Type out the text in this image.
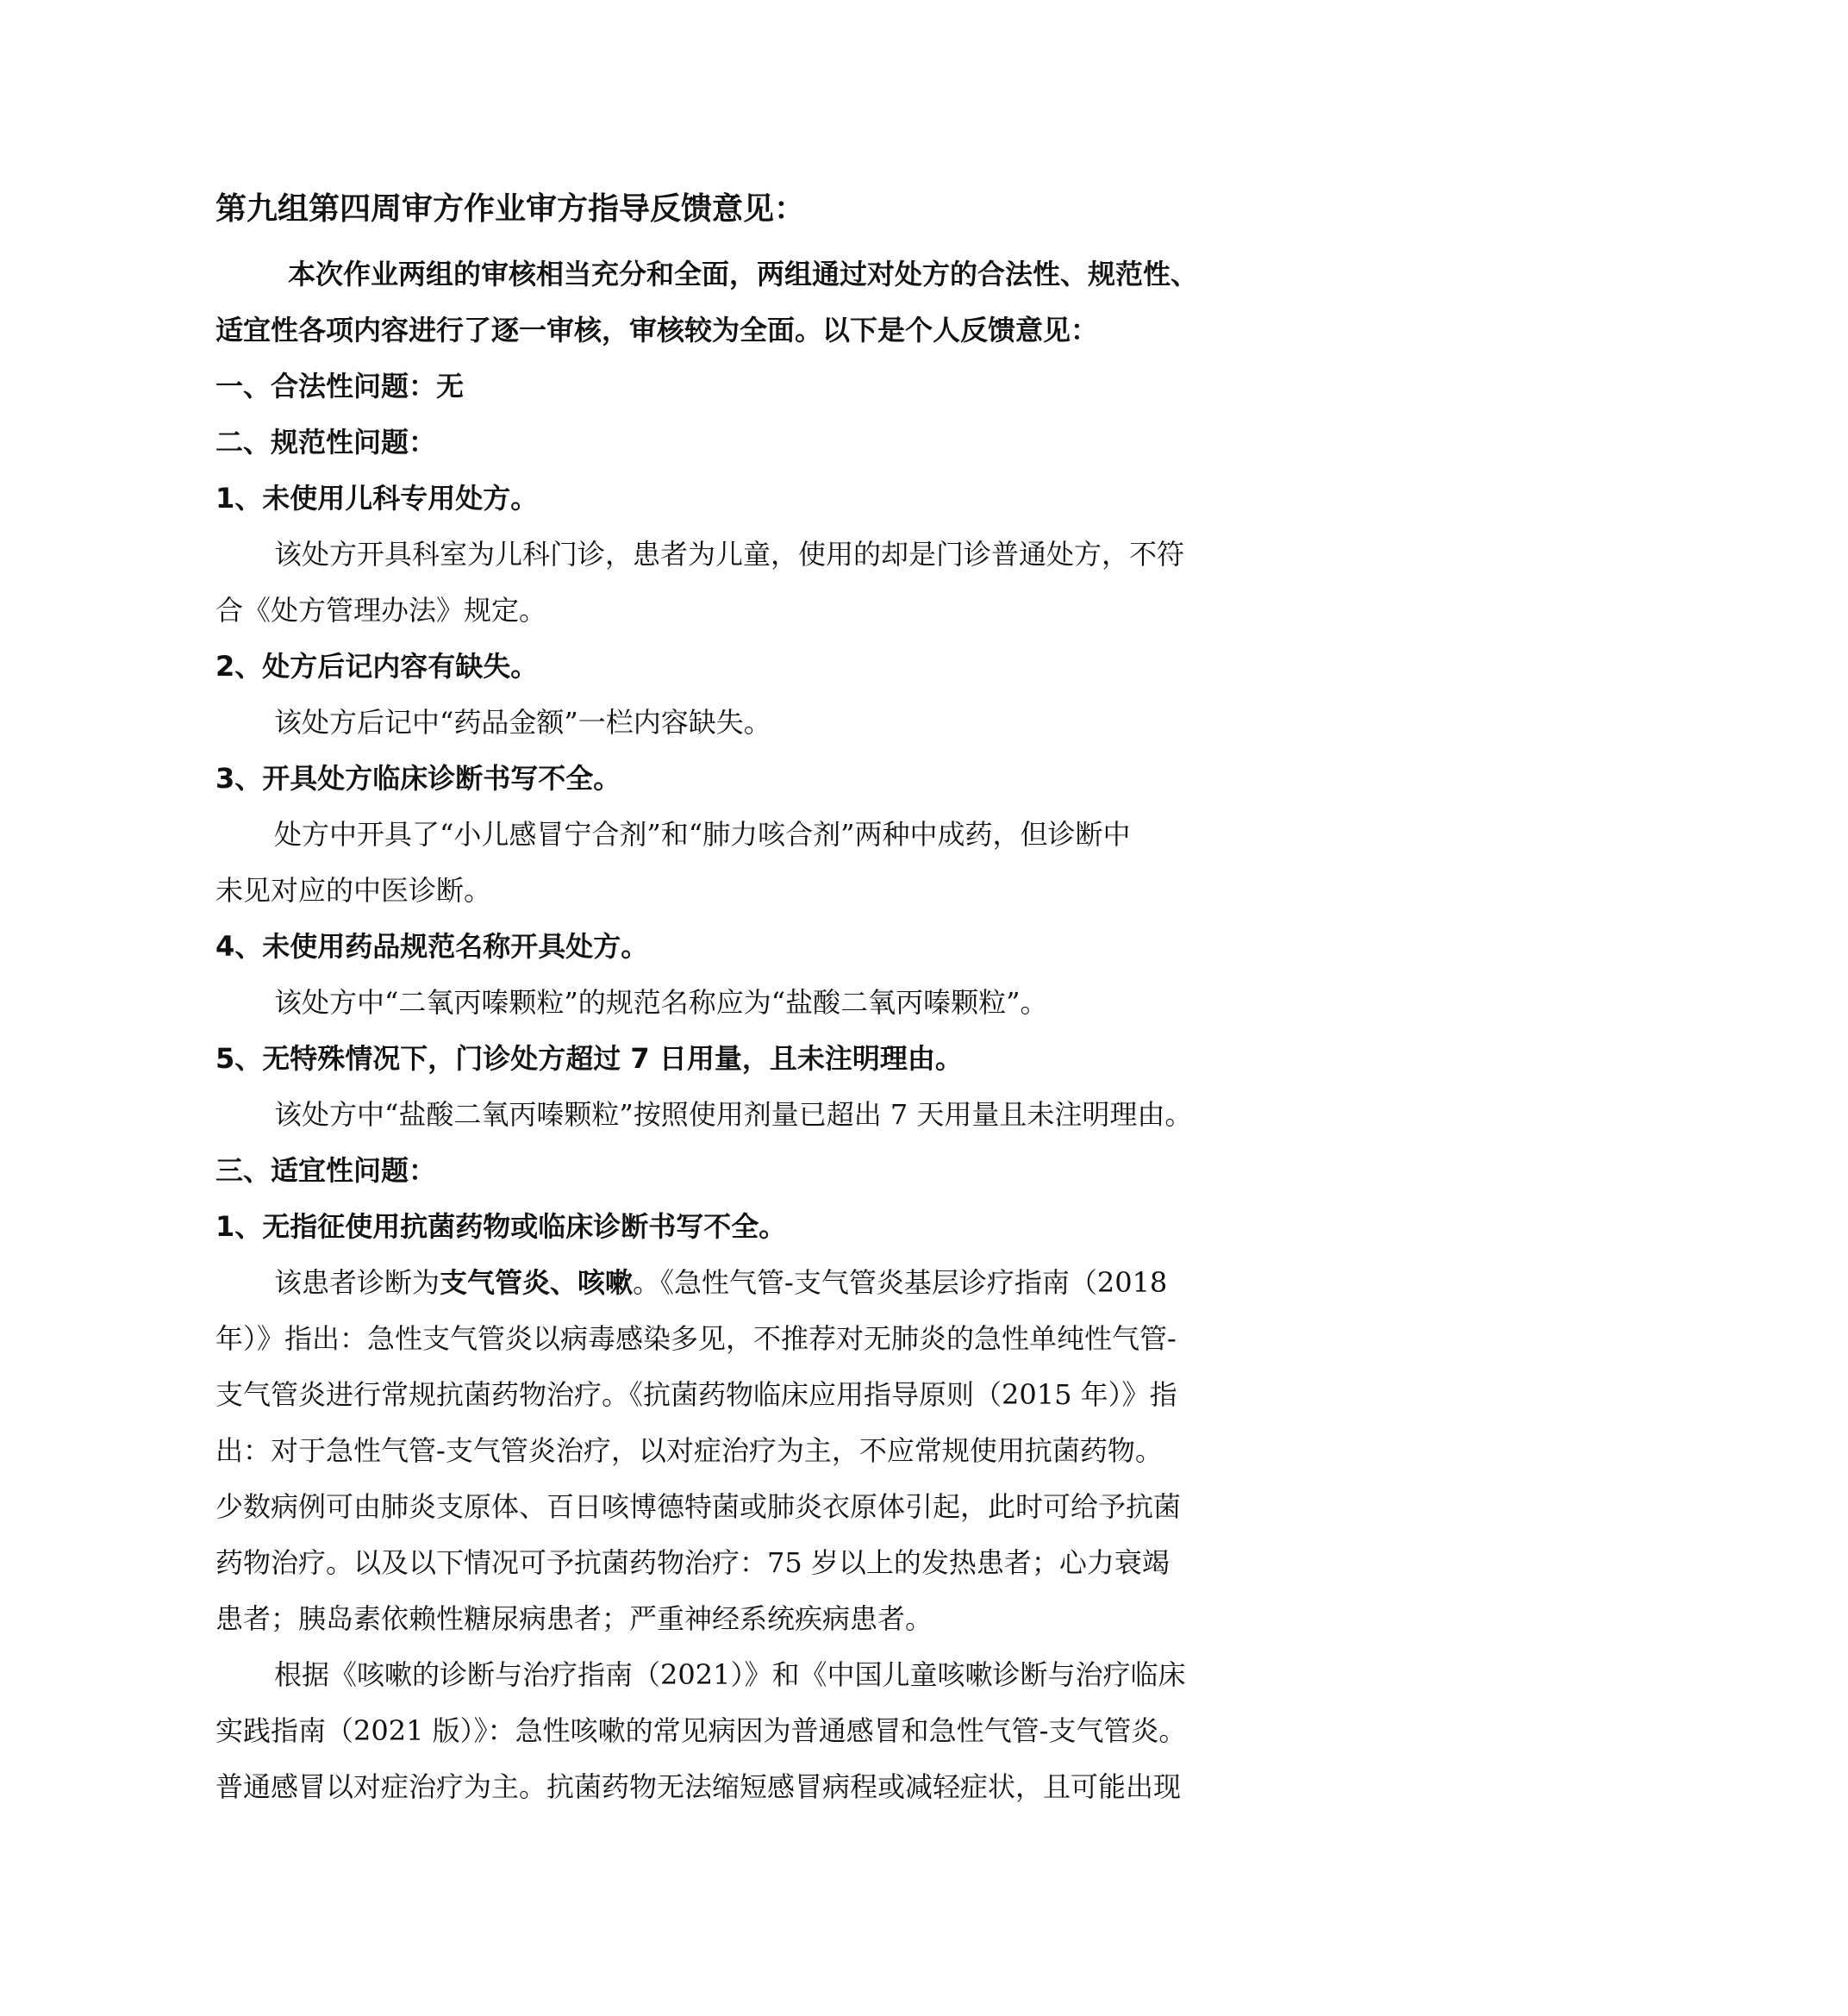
第九组第四周审方作业审方指导反馈意见：
本次作业两组的审核相当充分和全面，两组通过对处方的合法性、规范性、
适宜性各项内容进行了逐一审核，审核较为全面。以下是个人反馈意见：
一、合法性问题：无
二、规范性问题：
1、未使用儿科专用处方。
该处方开具科室为儿科门诊，患者为儿童，使用的却是门诊普通处方，不符
合《处方管理办法》规定。
2、处方后记内容有缺失。
该处方后记中“药品金额”一栏内容缺失。
3、开具处方临床诊断书写不全。
处方中开具了“小儿感冒宁合剂”和“肺力咳合剂”两种中成药，但诊断中
未见对应的中医诊断。
4、未使用药品规范名称开具处方。
该处方中“二氧丙嗪颗粒”的规范名称应为“盐酸二氧丙嗪颗粒”。
5、无特殊情况下，门诊处方超过 7 日用量，且未注明理由。
该处方中“盐酸二氧丙嗪颗粒”按照使用剂量已超出 7 天用量且未注明理由。
三、适宜性问题：
1、无指征使用抗菌药物或临床诊断书写不全。
该患者诊断为支气管炎、咳嗽。《急性气管-支气管炎基层诊疗指南（2018
年）》指出：急性支气管炎以病毒感染多见，不推荐对无肺炎的急性单纯性气管-
支气管炎进行常规抗菌药物治疗。《抗菌药物临床应用指导原则（2015 年）》指
出：对于急性气管-支气管炎治疗，以对症治疗为主，不应常规使用抗菌药物。
少数病例可由肺炎支原体、百日咳博德特菌或肺炎衣原体引起，此时可给予抗菌
药物治疗。以及以下情况可予抗菌药物治疗：75 岁以上的发热患者；心力衰竭
患者；胰岛素依赖性糖尿病患者；严重神经系统疾病患者。
根据《咳嗽的诊断与治疗指南（2021）》和《中国儿童咳嗽诊断与治疗临床
实践指南（2021 版）》：急性咳嗽的常见病因为普通感冒和急性气管-支气管炎。
普通感冒以对症治疗为主。抗菌药物无法缩短感冒病程或减轻症状，且可能出现
